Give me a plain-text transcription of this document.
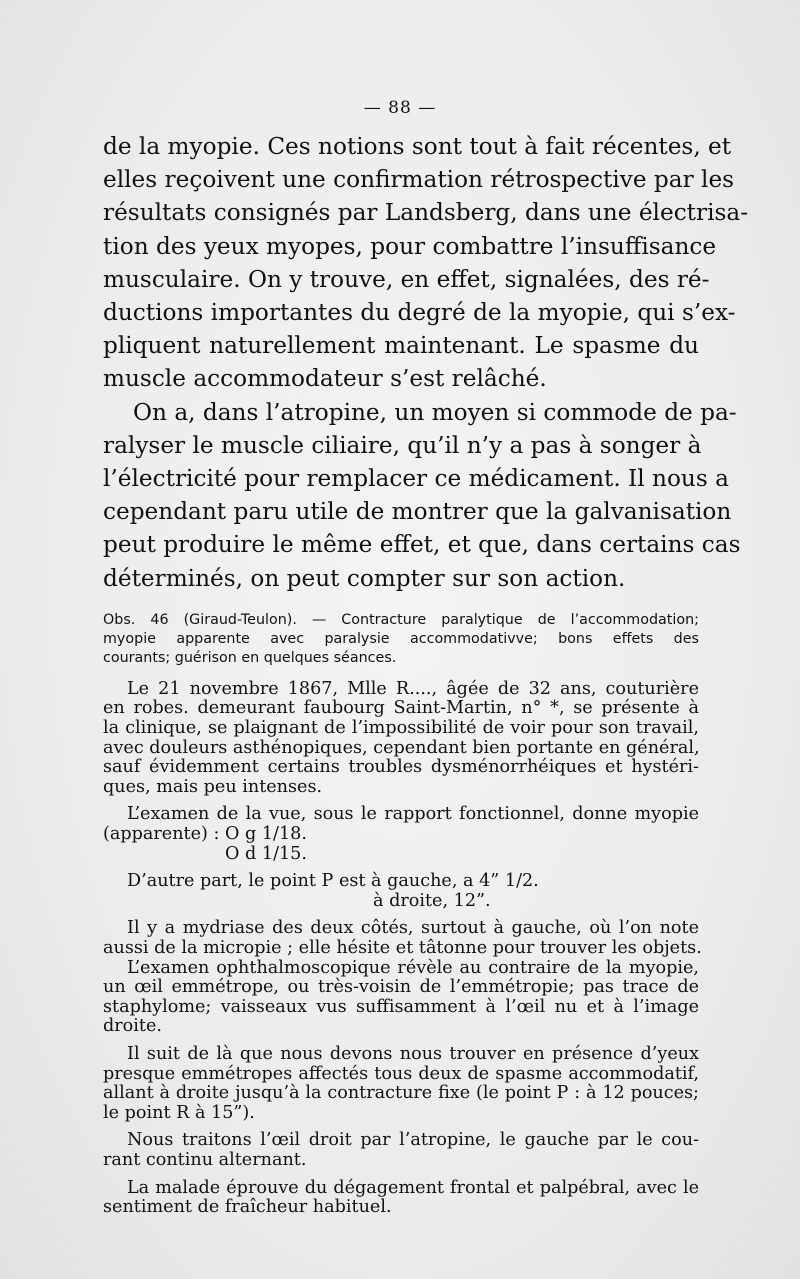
— 88 —

de la myopie. Ces notions sont tout à fait récentes, et

elles reçoivent une confirmation rétrospective par les

résultats consignés par Landsberg, dans une électrisa-

tion des yeux myopes, pour combattre l’insuffisance

musculaire. On y trouve, en effet, signalées, des ré-

ductions importantes du degré de la myopie, qui s’ex-

pliquent naturellement maintenant. Le spasme du

muscle accommodateur s’est relâché.

On a, dans l’atropine, un moyen si commode de pa-

ralyser le muscle ciliaire, qu’il n’y a pas à songer à

l’électricité pour remplacer ce médicament. Il nous a

cependant paru utile de montrer que la galvanisation

peut produire le même effet, et que, dans certains cas

déterminés, on peut compter sur son action.

Obs. 46 (Giraud-Teulon). — Contracture paralytique de l’accommodation;
myopie apparente avec paralysie accommodativve; bons effets des
courants; guérison en quelques séances.
Le 21 novembre 1867, Mlle R...., âgée de 32 ans, couturière
en robes. demeurant faubourg Saint-Martin, n° *, se présente à
la clinique, se plaignant de l’impossibilité de voir pour son travail,
avec douleurs asthénopiques, cependant bien portante en général,
sauf évidemment certains troubles dysménorrhéiques et hystéri-
ques, mais peu intenses.
L’examen de la vue, sous le rapport fonctionnel, donne myopie
(apparente) : O g 1/18.
O d 1/15.
D’autre part, le point P est à gauche, a 4” 1/2.
à droite, 12”.
Il y a mydriase des deux côtés, surtout à gauche, où l’on note
aussi de la micropie ; elle hésite et tâtonne pour trouver les objets.
L’examen ophthalmoscopique révèle au contraire de la myopie,
un œil emmétrope, ou très-voisin de l’emmétropie; pas trace de
staphylome; vaisseaux vus suffisamment à l’œil nu et à l’image
droite.
Il suit de là que nous devons nous trouver en présence d’yeux
presque emmétropes affectés tous deux de spasme accommodatif,
allant à droite jusqu’à la contracture fixe (le point P : à 12 pouces;
le point R à 15”).
Nous traitons l’œil droit par l’atropine, le gauche par le cou-
rant continu alternant.
La malade éprouve du dégagement frontal et palpébral, avec le
sentiment de fraîcheur habituel.
